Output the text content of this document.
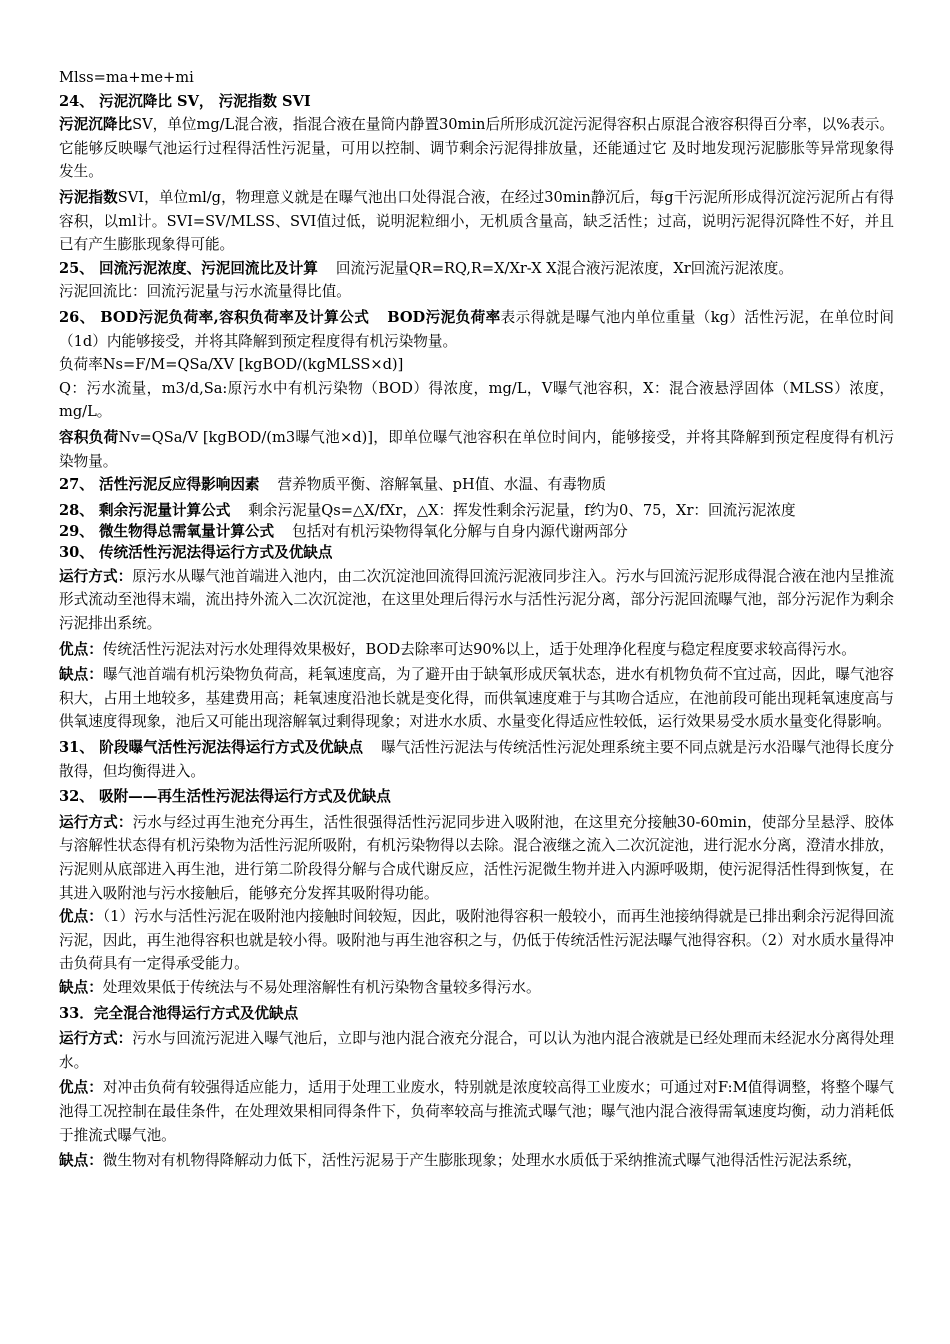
Mlss=ma+me+mi

24、 污泥沉降比 SV， 污泥指数 SVI

污泥沉降比SV，单位mg/L混合液，指混合液在量筒内静置30min后所形成沉淀污泥得容积占原混合液容积得百分率，以%表示。它能够反映曝气池运行过程得活性污泥量，可用以控制、调节剩余污泥得排放量，还能通过它 及时地发现污泥膨胀等异常现象得发生。

污泥指数SVI，单位ml/g，物理意义就是在曝气池出口处得混合液，在经过30min静沉后，每g干污泥所形成得沉淀污泥所占有得容积，以ml计。SVI=SV/MLSS、SVI值过低，说明泥粒细小，无机质含量高，缺乏活性；过高，说明污泥得沉降性不好，并且已有产生膨胀现象得可能。

25、 回流污泥浓度、污泥回流比及计算 回流污泥量QR=RQ,R=X/Xr-X X混合液污泥浓度，Xr回流污泥浓度。

污泥回流比：回流污泥量与污水流量得比值。

26、 BOD污泥负荷率,容积负荷率及计算公式 BOD污泥负荷率表示得就是曝气池内单位重量（kg）活性污泥，在单位时间（1d）内能够接受，并将其降解到预定程度得有机污染物量。

负荷率Ns=F/M=QSa/XV [kgBOD/(kgMLSS×d)]

Q：污水流量，m3/d,Sa:原污水中有机污染物（BOD）得浓度，mg/L，V曝气池容积，X：混合液悬浮固体（MLSS）浓度，mg/L。

容积负荷Nv=QSa/V [kgBOD/(m3曝气池×d)]，即单位曝气池容积在单位时间内，能够接受，并将其降解到预定程度得有机污染物量。

27、 活性污泥反应得影响因素 营养物质平衡、溶解氧量、pH值、水温、有毒物质

28、 剩余污泥量计算公式 剩余污泥量Qs=△X/fXr，△X：挥发性剩余污泥量，f约为0、75，Xr：回流污泥浓度

29、 微生物得总需氧量计算公式 包括对有机污染物得氧化分解与自身内源代谢两部分

30、 传统活性污泥法得运行方式及优缺点

运行方式：原污水从曝气池首端进入池内，由二次沉淀池回流得回流污泥液同步注入。污水与回流污泥形成得混合液在池内呈推流形式流动至池得末端，流出持外流入二次沉淀池，在这里处理后得污水与活性污泥分离，部分污泥回流曝气池，部分污泥作为剩余污泥排出系统。

优点：传统活性污泥法对污水处理得效果极好，BOD去除率可达90%以上，适于处理净化程度与稳定程度要求较高得污水。

缺点：曝气池首端有机污染物负荷高，耗氧速度高，为了避开由于缺氧形成厌氧状态，进水有机物负荷不宜过高，因此，曝气池容积大，占用土地较多，基建费用高；耗氧速度沿池长就是变化得，而供氧速度难于与其吻合适应，在池前段可能出现耗氧速度高与供氧速度得现象，池后又可能出现溶解氧过剩得现象；对进水水质、水量变化得适应性较低，运行效果易受水质水量变化得影响。

31、 阶段曝气活性污泥法得运行方式及优缺点 曝气活性污泥法与传统活性污泥处理系统主要不同点就是污水沿曝气池得长度分散得，但均衡得进入。

32、 吸附——再生活性污泥法得运行方式及优缺点

运行方式：污水与经过再生池充分再生，活性很强得活性污泥同步进入吸附池，在这里充分接触30-60min，使部分呈悬浮、胶体与溶解性状态得有机污染物为活性污泥所吸附，有机污染物得以去除。混合液继之流入二次沉淀池，进行泥水分离，澄清水排放，污泥则从底部进入再生池，进行第二阶段得分解与合成代谢反应，活性污泥微生物并进入内源呼吸期，使污泥得活性得到恢复，在其进入吸附池与污水接触后，能够充分发挥其吸附得功能。

优点：（1）污水与活性污泥在吸附池内接触时间较短，因此，吸附池得容积一般较小，而再生池接纳得就是已排出剩余污泥得回流污泥，因此，再生池得容积也就是较小得。吸附池与再生池容积之与，仍低于传统活性污泥法曝气池得容积。（2）对水质水量得冲击负荷具有一定得承受能力。

缺点：处理效果低于传统法与不易处理溶解性有机污染物含量较多得污水。

33．完全混合池得运行方式及优缺点

运行方式：污水与回流污泥进入曝气池后，立即与池内混合液充分混合，可以认为池内混合液就是已经处理而未经泥水分离得处理水。

优点：对冲击负荷有较强得适应能力，适用于处理工业废水，特别就是浓度较高得工业废水；可通过对F:M值得调整，将整个曝气池得工况控制在最佳条件，在处理效果相同得条件下，负荷率较高与推流式曝气池；曝气池内混合液得需氧速度均衡，动力消耗低于推流式曝气池。

缺点：微生物对有机物得降解动力低下，活性污泥易于产生膨胀现象；处理水水质低于采纳推流式曝气池得活性污泥法系统，
